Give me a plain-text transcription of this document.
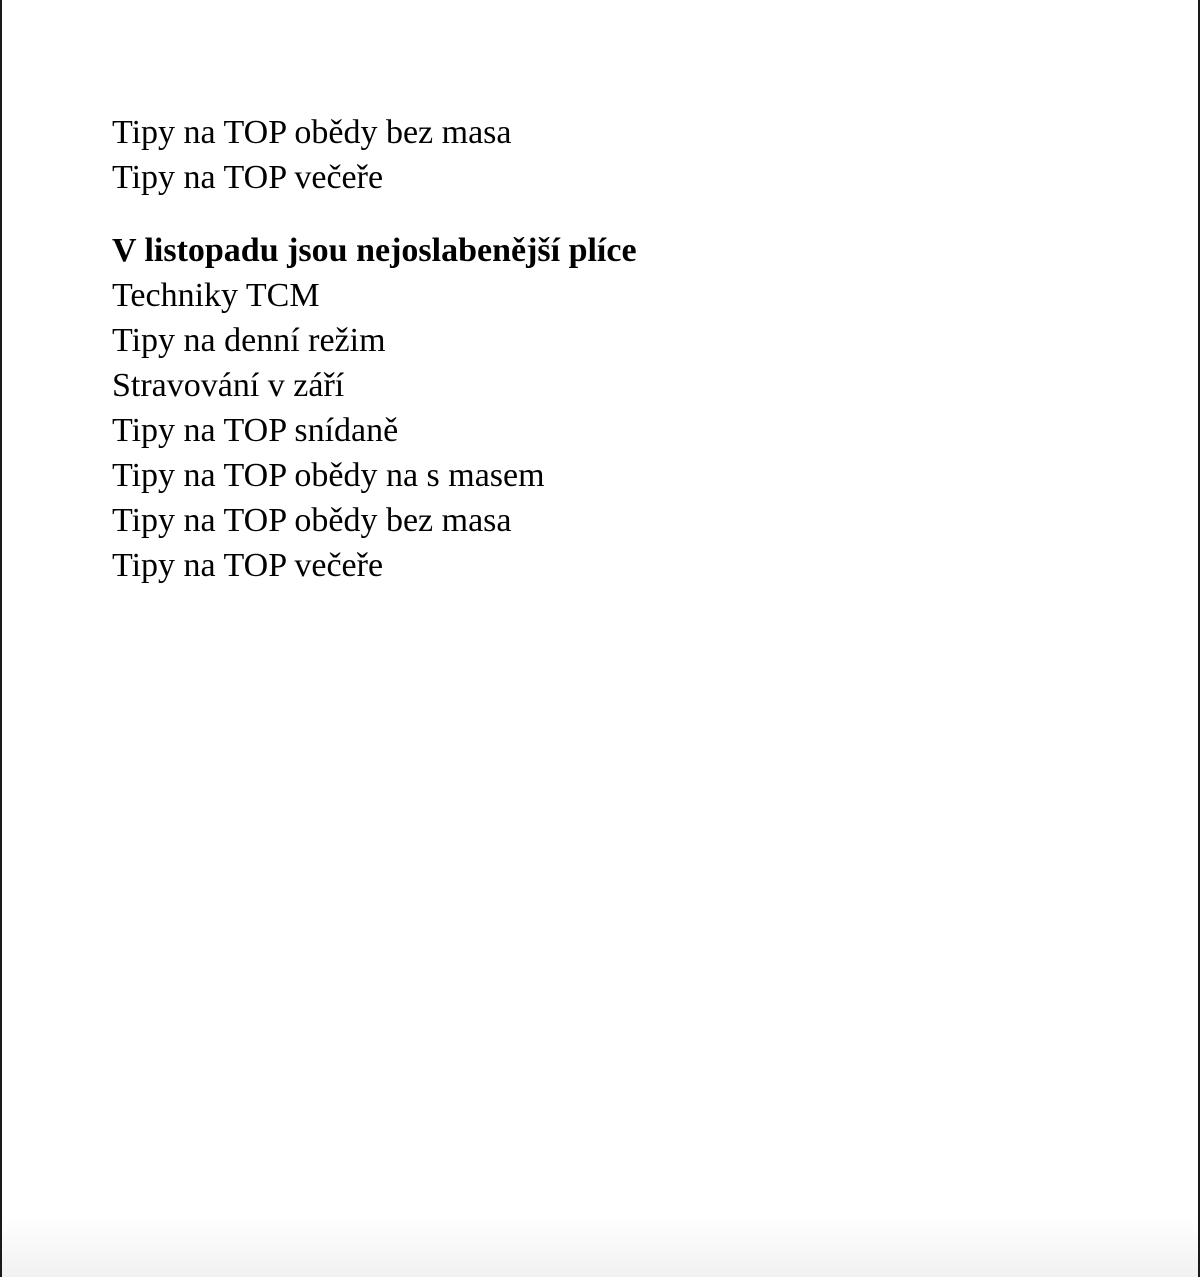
Tipy na TOP obědy bez masa
Tipy na TOP večeře
V listopadu jsou nejoslabenější plíce
Techniky TCM
Tipy na denní režim
Stravování v září
Tipy na TOP snídaně
Tipy na TOP obědy na s masem
Tipy na TOP obědy bez masa
Tipy na TOP večeře
